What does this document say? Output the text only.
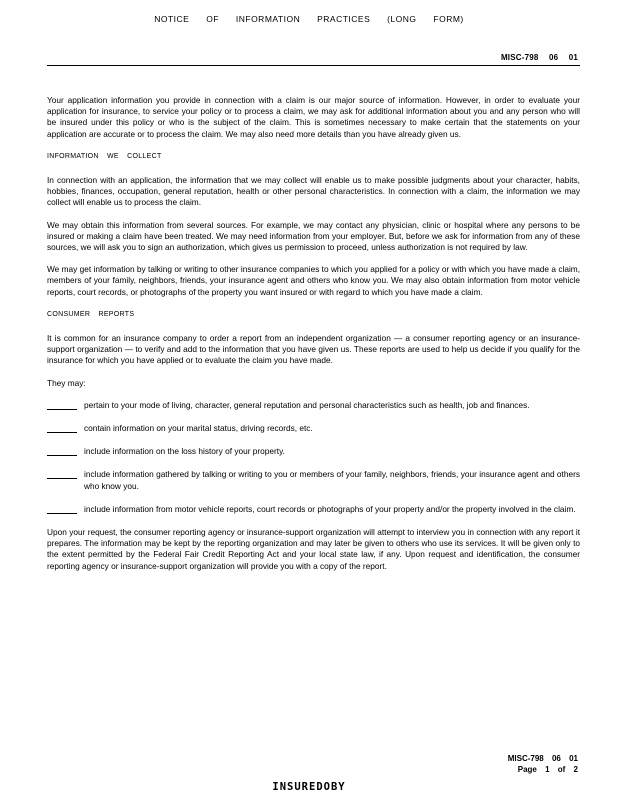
NOTICE OF INFORMATION PRACTICES (LONG FORM)
MISC-798 06 01

Your application information you provide in connection with a claim is our major source of information. However, in order to evaluate your application for insurance, to service your policy or to process a claim, we may ask for additional information about you and any person who will be insured under this policy or who is the subject of the claim. This is sometimes necessary to make certain that the statements on your application are accurate or to process the claim. We may also need more details than you have already given us.

INFORMATION WE COLLECT

In connection with an application, the information that we may collect will enable us to make possible judgments about your character, habits, hobbies, finances, occupation, general reputation, health or other personal characteristics. In connection with a claim, the information we may collect will enable us to process the claim.

We may obtain this information from several sources. For example, we may contact any physician, clinic or hospital where any persons to be insured or making a claim have been treated. We may need information from your employer. But, before we ask for information from any of these sources, we will ask you to sign an authorization, which gives us permission to proceed, unless authorization is not required by law.

We may get information by talking or writing to other insurance companies to which you applied for a policy or with which you have made a claim, members of your family, neighbors, friends, your insurance agent and others who know you. We may also obtain information from motor vehicle reports, court records, or photographs of the property you want insured or with regard to which you have made a claim.

CONSUMER REPORTS

It is common for an insurance company to order a report from an independent organization — a consumer reporting agency or an insurance-support organization — to verify and add to the information that you have given us. These reports are used to help us decide if you qualify for the insurance for which you have applied or to evaluate the claim you have made.

They may:

pertain to your mode of living, character, general reputation and personal characteristics such as health, job and finances.
contain information on your marital status, driving records, etc.
include information on the loss history of your property.
include information gathered by talking or writing to you or members of your family, neighbors, friends, your insurance agent and others who know you.
include information from motor vehicle reports, court records or photographs of your property and/or the property involved in the claim.

Upon your request, the consumer reporting agency or insurance-support organization will attempt to interview you in connection with any report it prepares. The information may be kept by the reporting organization and may later be given to others who use its services. It will be given only to the extent permitted by the Federal Fair Credit Reporting Act and your local state law, if any. Upon request and identification, the consumer reporting agency or insurance-support organization will provide you with a copy of the report.

MISC-798 06 01
Page 1 of 2
INSUREDOBY
